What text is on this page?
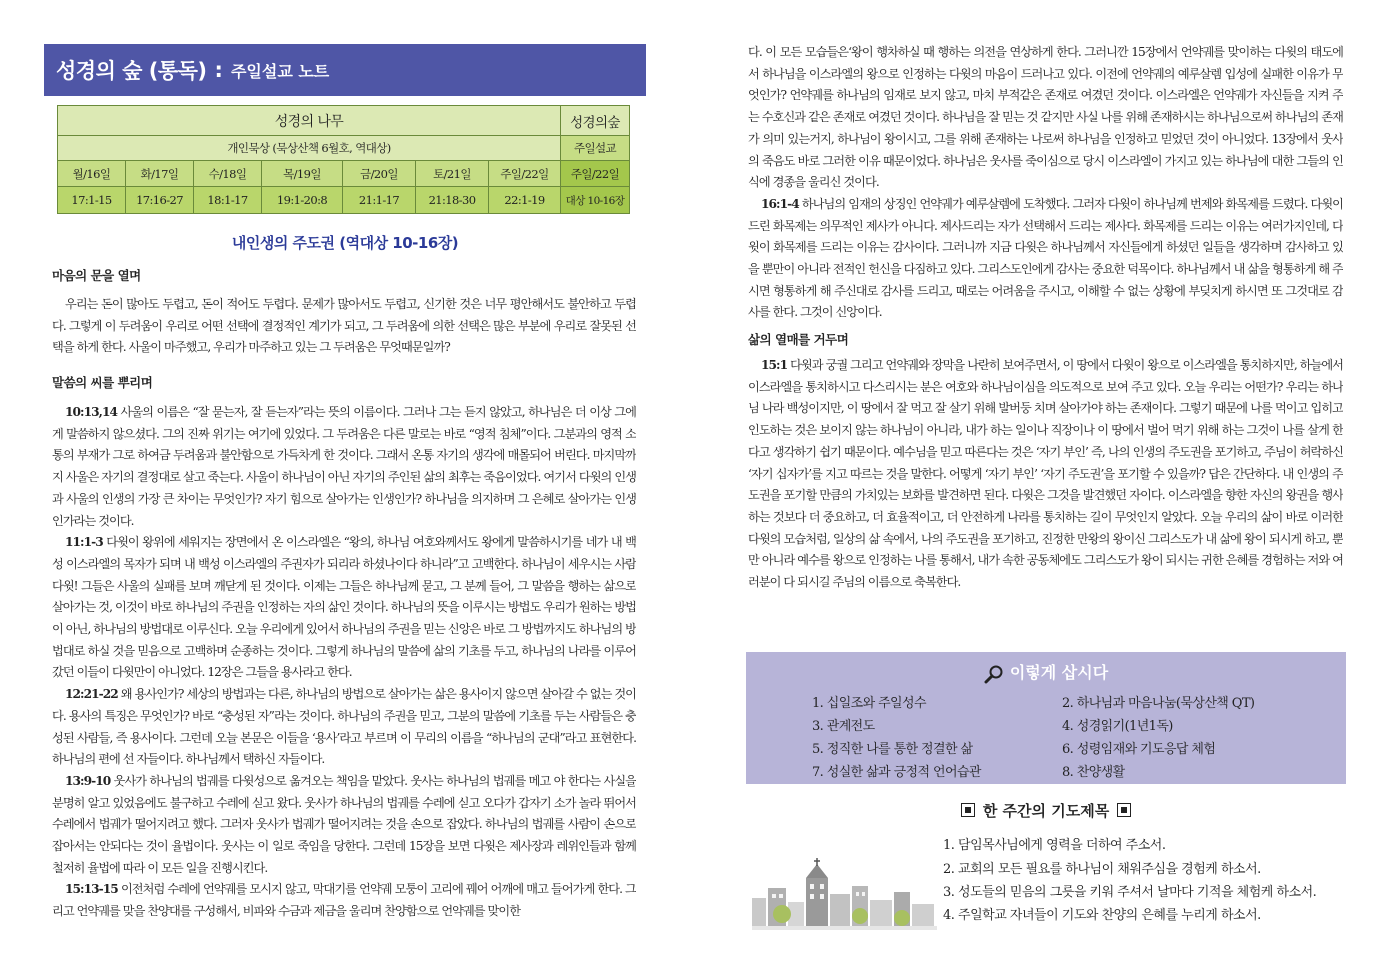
성경의 숲 (통독) : 주일설교 노트
성경의 나무							성경의숲
개인묵상 (묵상산책 6월호, 역대상)							주일설교
월/16일	화/17일	수/18일	목/19일	금/20일	토/21일	주일/22일	주일/22일
17:1-15	17:16-27	18:1-17	19:1-20:8	21:1-17	21:18-30	22:1-19	대상 10-16장
내인생의 주도권 (역대상 10-16장)
마음의 문을 열며

우리는 돈이 많아도 두렵고, 돈이 적어도 두렵다. 문제가 많아서도 두렵고, 신기한 것은 너무 평안해서도 불안하고 두렵다. 그렇게 이 두려움이 우리로 어떤 선택에 결정적인 계기가 되고, 그 두려움에 의한 선택은 많은 부분에 우리로 잘못된 선택을 하게 한다. 사울이 마주했고, 우리가 마주하고 있는 그 두려움은 무엇때문일까?

말씀의 씨를 뿌리며
10:13,14 사울의 이름은 “잘 묻는자, 잘 듣는자”라는 뜻의 이름이다. 그러나 그는 듣지 않았고, 하나님은 더 이상 그에게 말씀하지 않으셨다. 그의 진짜 위기는 여기에 있었다. 그 두려움은 다른 말로는 바로 “영적 침체”이다. 그분과의 영적 소통의 부재가 그로 하여금 두려움과 불안함으로 가득차게 한 것이다. 그래서 온통 자기의 생각에 매몰되어 버린다. 마지막까지 사울은 자기의 결정대로 살고 죽는다. 사울이 하나님이 아닌 자기의 주인된 삶의 최후는 죽음이었다. 여기서 다윗의 인생과 사울의 인생의 가장 큰 차이는 무엇인가? 자기 힘으로 살아가는 인생인가? 하나님을 의지하며 그 은혜로 살아가는 인생인가라는 것이다.
11:1-3 다윗이 왕위에 세워지는 장면에서 온 이스라엘은 “왕의, 하나님 여호와께서도 왕에게 말씀하시기를 네가 내 백성 이스라엘의 목자가 되며 내 백성 이스라엘의 주권자가 되리라 하셨나이다 하니라”고 고백한다. 하나님이 세우시는 사람 다윗! 그들은 사울의 실패를 보며 깨닫게 된 것이다. 이제는 그들은 하나님께 묻고, 그 분께 들어, 그 말씀을 행하는 삶으로 살아가는 것, 이것이 바로 하나님의 주권을 인정하는 자의 삶인 것이다. 하나님의 뜻을 이루시는 방법도 우리가 원하는 방법이 아닌, 하나님의 방법대로 이루신다. 오늘 우리에게 있어서 하나님의 주권을 믿는 신앙은 바로 그 방법까지도 하나님의 방법대로 하실 것을 믿음으로 고백하며 순종하는 것이다. 그렇게 하나님의 말씀에 삶의 기초를 두고, 하나님의 나라를 이루어 갔던 이들이 다윗만이 아니었다. 12장은 그들을 용사라고 한다.
12:21-22 왜 용사인가? 세상의 방법과는 다른, 하나님의 방법으로 살아가는 삶은 용사이지 않으면 살아갈 수 없는 것이다. 용사의 특징은 무엇인가? 바로 “충성된 자”라는 것이다. 하나님의 주권을 믿고, 그분의 말씀에 기초를 두는 사람들은 충성된 사람들, 즉 용사이다. 그런데 오늘 본문은 이들을 ‘용사’라고 부르며 이 무리의 이름을 “하나님의 군대”라고 표현한다. 하나님의 편에 선 자들이다. 하나님께서 택하신 자들이다.
13:9-10 웃사가 하나님의 법궤를 다윗성으로 옮겨오는 책임을 맡았다. 웃사는 하나님의 법궤를 메고 야 한다는 사실을 분명히 알고 있었음에도 불구하고 수레에 싣고 왔다. 웃사가 하나님의 법궤를 수레에 싣고 오다가 갑자기 소가 놀라 뛰어서 수레에서 법궤가 떨어지려고 했다. 그러자 웃사가 법궤가 떨어지려는 것을 손으로 잡았다. 하나님의 법궤를 사람이 손으로 잡아서는 안되다는 것이 율법이다. 웃사는 이 일로 죽임을 당한다. 그런데 15장을 보면 다윗은 제사장과 레위인들과 함께 철저히 율법에 따라 이 모든 일을 진행시킨다.
15:13-15 이전처럼 수레에 언약궤를 모시지 않고, 막대기를 언약궤 모퉁이 고리에 꿰어 어깨에 매고 들어가게 한다. 그리고 언약궤를 맞을 찬양대를 구성해서, 비파와 수금과 제금을 울리며 찬양함으로 언약궤를 맞이한
다. 이 모든 모습들은‘왕이 행차하실 때 행하는 의전을 연상하게 한다. 그러니깐 15장에서 언약궤를 맞이하는 다윗의 태도에서 하나님을 이스라엘의 왕으로 인정하는 다윗의 마음이 드러나고 있다. 이전에 언약궤의 예루살렘 입성에 실패한 이유가 무엇인가? 언약궤를 하나님의 임재로 보지 않고, 마치 부적같은 존재로 여겼던 것이다. 이스라엘은 언약궤가 자신들을 지켜 주는 수호신과 같은 존재로 여겼던 것이다. 하나님을 잘 믿는 것 같지만 사실 나를 위해 존재하시는 하나님으로써 하나님의 존재가 의미 있는거지, 하나님이 왕이시고, 그를 위해 존재하는 나로써 하나님을 인정하고 믿었던 것이 아니었다. 13장에서 웃사의 죽음도 바로 그러한 이유 때문이었다. 하나님은 웃사를 죽이심으로 당시 이스라엘이 가지고 있는 하나님에 대한 그들의 인식에 경종을 울리신 것이다.
16:1-4 하나님의 임재의 상징인 언약궤가 예루살렘에 도착했다. 그러자 다윗이 하나님께 번제와 화목제를 드렸다. 다윗이 드린 화목제는 의무적인 제사가 아니다. 제사드리는 자가 선택해서 드리는 제사다. 화목제를 드리는 이유는 여러가지인데, 다윗이 화목제를 드리는 이유는 감사이다. 그러니까 지금 다윗은 하나님께서 자신들에게 하셨던 일들을 생각하며 감사하고 있을 뿐만이 아니라 전적인 헌신을 다짐하고 있다. 그리스도인에게 감사는 중요한 덕목이다. 하나님께서 내 삶을 형통하게 해 주시면 형통하게 해 주신대로 감사를 드리고, 때로는 어려움을 주시고, 이해할 수 없는 상황에 부딪치게 하시면 또 그것대로 감사를 한다. 그것이 신앙이다.
삶의 열매를 거두며
15:1 다윗과 궁궐 그리고 언약궤와 장막을 나란히 보여주면서, 이 땅에서 다윗이 왕으로 이스라엘을 통치하지만, 하늘에서 이스라엘을 통치하시고 다스리시는 분은 여호와 하나님이심을 의도적으로 보여 주고 있다. 오늘 우리는 어떤가? 우리는 하나님 나라 백성이지만, 이 땅에서 잘 먹고 잘 살기 위해 발버둥 치며 살아가야 하는 존재이다. 그렇기 때문에 나를 먹이고 입히고 인도하는 것은 보이지 않는 하나님이 아니라, 내가 하는 일이나 직장이나 이 땅에서 벌어 먹기 위해 하는 그것이 나를 살게 한다고 생각하기 쉽기 때문이다. 예수님을 믿고 따른다는 것은 ‘자기 부인’ 즉, 나의 인생의 주도권을 포기하고, 주님이 허락하신 ‘자기 십자가’를 지고 따르는 것을 말한다. 어떻게 ‘자기 부인’ ‘자기 주도권’을 포기할 수 있을까? 답은 간단하다. 내 인생의 주도권을 포기할 만큼의 가치있는 보화를 발견하면 된다. 다윗은 그것을 발견했던 자이다. 이스라엘을 향한 자신의 왕권을 행사하는 것보다 더 중요하고, 더 효율적이고, 더 안전하게 나라를 통치하는 길이 무엇인지 알았다. 오늘 우리의 삶이 바로 이러한 다윗의 모습처럼, 일상의 삶 속에서, 나의 주도권을 포기하고, 진정한 만왕의 왕이신 그리스도가 내 삶에 왕이 되시게 하고, 뿐만 아니라 예수를 왕으로 인정하는 나를 통해서, 내가 속한 공동체에도 그리스도가 왕이 되시는 귀한 은혜를 경험하는 저와 여러분이 다 되시길 주님의 이름으로 축복한다.
이렇게 삽시다
1. 십일조와 주일성수	2. 하나님과 마음나눔(묵상산책 QT)
3. 관계전도	4. 성경읽기(1년1독)
5. 정직한 나를 통한 정결한 삶	6. 성령임재와 기도응답 체험
7. 성실한 삶과 긍정적 언어습관	8. 찬양생활
한 주간의 기도제목
1. 담임목사님에게 영력을 더하여 주소서.
2. 교회의 모든 필요를 하나님이 채워주심을 경험케 하소서.
3. 성도들의 믿음의 그릇을 키워 주셔서 날마다 기적을 체험케 하소서.
4. 주일학교 자녀들이 기도와 찬양의 은혜를 누리게 하소서.
